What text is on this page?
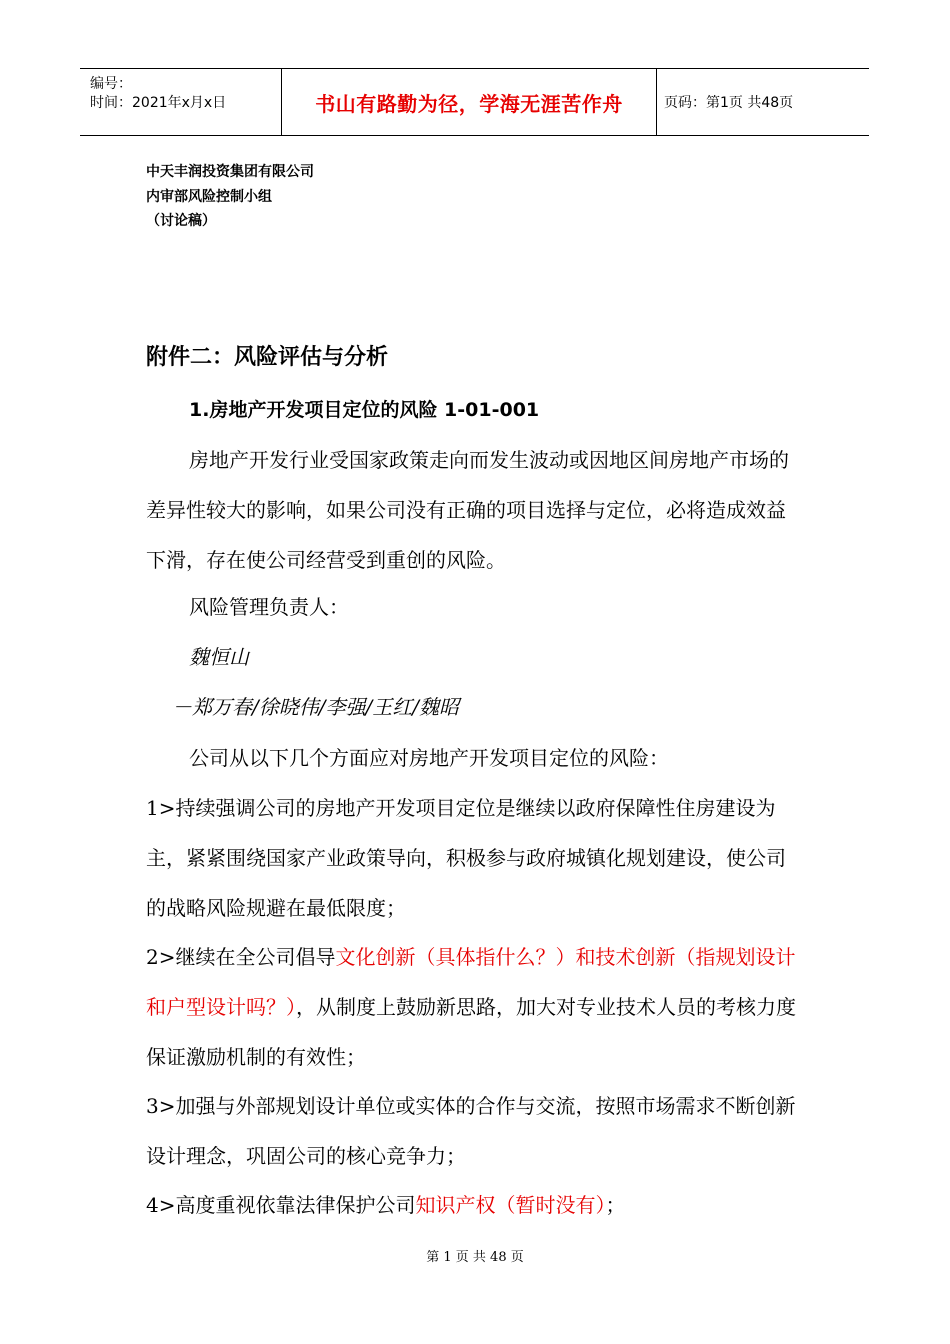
编号：
时间：2021年x月x日	书山有路勤为径，学海无涯苦作舟	页码：第1页 共48页
中天丰润投资集团有限公司
内审部风险控制小组
（讨论稿）
附件二：风险评估与分析
1.房地产开发项目定位的风险 1-01-001
房地产开发行业受国家政策走向而发生波动或因地区间房地产市场的差异性较大的影响，如果公司没有正确的项目选择与定位，必将造成效益下滑，存在使公司经营受到重创的风险。
风险管理负责人：
魏恒山
－郑万春/徐晓伟/李强/王红/魏昭
公司从以下几个方面应对房地产开发项目定位的风险：
1>持续强调公司的房地产开发项目定位是继续以政府保障性住房建设为主，紧紧围绕国家产业政策导向，积极参与政府城镇化规划建设，使公司的战略风险规避在最低限度；
2>继续在全公司倡导文化创新（具体指什么？）和技术创新（指规划设计和户型设计吗？），从制度上鼓励新思路，加大对专业技术人员的考核力度保证激励机制的有效性；
3>加强与外部规划设计单位或实体的合作与交流，按照市场需求不断创新设计理念，巩固公司的核心竞争力；
4>高度重视依靠法律保护公司知识产权（暂时没有）；
第 1 页 共 48 页
